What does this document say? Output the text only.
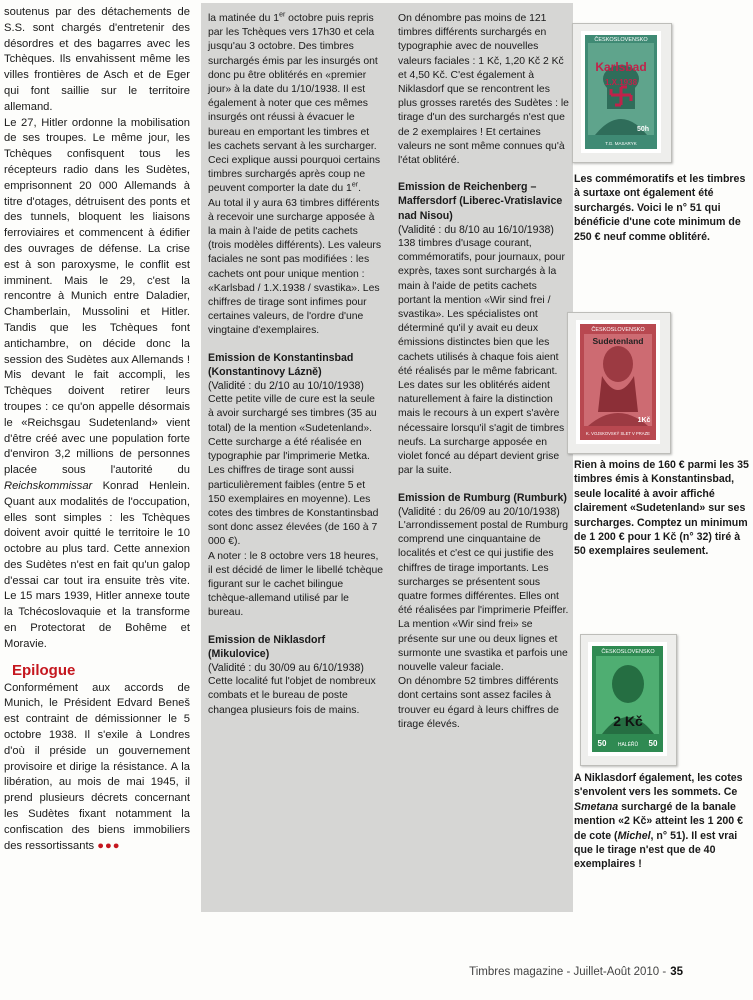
soutenus par des détachements de S.S. sont chargés d'entretenir des désordres et des bagarres avec les Tchèques. Ils envahissent même les villes frontières de Asch et de Eger qui font saillie sur le territoire allemand.

Le 27, Hitler ordonne la mobilisation de ses troupes. Le même jour, les Tchèques confisquent tous les récepteurs radio dans les Sudètes, emprisonnent 20 000 Allemands à titre d'otages, détruisent des ponts et des tunnels, bloquent les liaisons ferroviaires et commencent à édifier des ouvrages de défense. La crise est à son paroxysme, le conflit est imminent. Mais le 29, c'est la rencontre à Munich entre Daladier, Chamberlain, Mussolini et Hitler. Tandis que les Tchèques font antichambre, on décide donc la session des Sudètes aux Allemands ! Mis devant le fait accompli, les Tchèques doivent retirer leurs troupes : ce qu'on appelle désormais le «Reichsgau Sudetenland» vient d'être créé avec une population forte d'environ 3,2 millions de personnes placée sous l'autorité du Reichskommissar Konrad Henlein. Quant aux modalités de l'occupation, elles sont simples : les Tchèques doivent avoir quitté le territoire le 10 octobre au plus tard. Cette annexion des Sudètes n'est en fait qu'un galop d'essai car tout ira ensuite très vite. Le 15 mars 1939, Hitler annexe toute la Tchécoslovaquie et la transforme en Protectorat de Bohême et Moravie.

Epilogue

Conformément aux accords de Munich, le Président Edvard Beneš est contraint de démissionner le 5 octobre 1938. Il s'exile à Londres d'où il préside un gouvernement provisoire et dirige la résistance. A la libération, au mois de mai 1945, il prend plusieurs décrets concernant les Sudètes fixant notamment la confiscation des biens immobiliers des ressortissants ●●●

la matinée du 1er octobre puis repris par les Tchèques vers 17h30 et cela jusqu'au 3 octobre. Des timbres surchargés émis par les insurgés ont donc pu être oblitérés en «premier jour» à la date du 1/10/1938. Il est également à noter que ces mêmes insurgés ont réussi à évacuer le bureau en emportant les timbres et les cachets servant à les surcharger. Ceci explique aussi pourquoi certains timbres surchargés après coup ne peuvent comporter la date du 1er.

Au total il y aura 63 timbres différents à recevoir une surcharge apposée à la main à l'aide de petits cachets (trois modèles différents). Les valeurs faciales ne sont pas modifiées : les cachets ont pour unique mention : «Karlsbad / 1.X.1938 / svastika». Les chiffres de tirage sont infimes pour certaines valeurs, de l'ordre d'une vingtaine d'exemplaires.

Emission de Konstantinsbad (Konstantinovy Lázně)
(Validité : du 2/10 au 10/10/1938)

Cette petite ville de cure est la seule à avoir surchargé ses timbres (35 au total) de la mention «Sudetenland». Cette surcharge a été réalisée en typographie par l'imprimerie Metka.

Les chiffres de tirage sont aussi particulièrement faibles (entre 5 et 150 exemplaires en moyenne). Les cotes des timbres de Konstantinsbad sont donc assez élevées (de 160 à 7 000 €).

A noter : le 8 octobre vers 18 heures, il est décidé de limer le libellé tchèque figurant sur le cachet bilingue tchèque-allemand utilisé par le bureau.

Emission de Niklasdorf (Mikulovice)
(Validité : du 30/09 au 6/10/1938)

Cette localité fut l'objet de nombreux combats et le bureau de poste changea plusieurs fois de mains.

On dénombre pas moins de 121 timbres différents surchargés en typographie avec de nouvelles valeurs faciales : 1 Kč, 1,20 Kč 2 Kč et 4,50 Kč. C'est également à Niklasdorf que se rencontrent les plus grosses raretés des Sudètes : le tirage d'un des surchargés n'est que de 2 exemplaires ! Et certaines valeurs ne sont même connues qu'à l'état oblitéré.

Emission de Reichenberg – Maffersdorf (Liberec-Vratislavice nad Nisou)
(Validité : du 8/10 au 16/10/1938)

138 timbres d'usage courant, commémoratifs, pour journaux, pour exprès, taxes sont surchargés à la main à l'aide de petits cachets portant la mention «Wir sind frei / svastika». Les spécialistes ont déterminé qu'il y avait eu deux émissions distinctes bien que les cachets utilisés à chaque fois aient été réalisés par le même fabricant. Les dates sur les oblitérés aident naturellement à faire la distinction mais le recours à un expert s'avère nécessaire lorsqu'il s'agit de timbres neufs. La surcharge apposée en violet foncé au départ devient grise par la suite.

Emission de Rumburg (Rumburk)
(Validité : du 26/09 au 20/10/1938)

L'arrondissement postal de Rumburg comprend une cinquantaine de localités et c'est ce qui justifie des chiffres de tirage importants. Les surcharges se présentent sous quatre formes différentes. Elles ont été réalisées par l'imprimerie Pfeiffer.

La mention «Wir sind frei» se présente sur une ou deux lignes et surmonte une svastika et parfois une nouvelle valeur faciale.

On dénombre 52 timbres différents dont certains sont assez faciles à trouver eu égard à leurs chiffres de tirage élevés.

ČESKOSLOVENSKO
Karlsbad
1.X.1938
50h
T.G. MASARYK

Les commémoratifs et les timbres à surtaxe ont également été surchargés. Voici le n° 51 qui bénéficie d'une cote minimum de 250 € neuf comme oblitéré.

ČESKOSLOVENSKO
Sudetenland
1Kč
K. VOJSKOVSKÝ SLET V PRAZE

Rien à moins de 160 € parmi les 35 timbres émis à Konstantinsbad, seule localité à avoir affiché clairement «Sudetenland» sur ses surcharges. Comptez un minimum de 1 200 € pour 1 Kč (n° 32) tiré à 50 exemplaires seulement.

ČESKOSLOVENSKO
2 Kč
50 HALÉŘŮ 50

A Niklasdorf également, les cotes s'envolent vers les sommets. Ce Smetana surchargé de la banale mention «2 Kč» atteint les 1 200 € de cote (Michel, n° 51). Il est vrai que le tirage n'est que de 40 exemplaires !

Timbres magazine - Juillet-Août 2010 - 35
